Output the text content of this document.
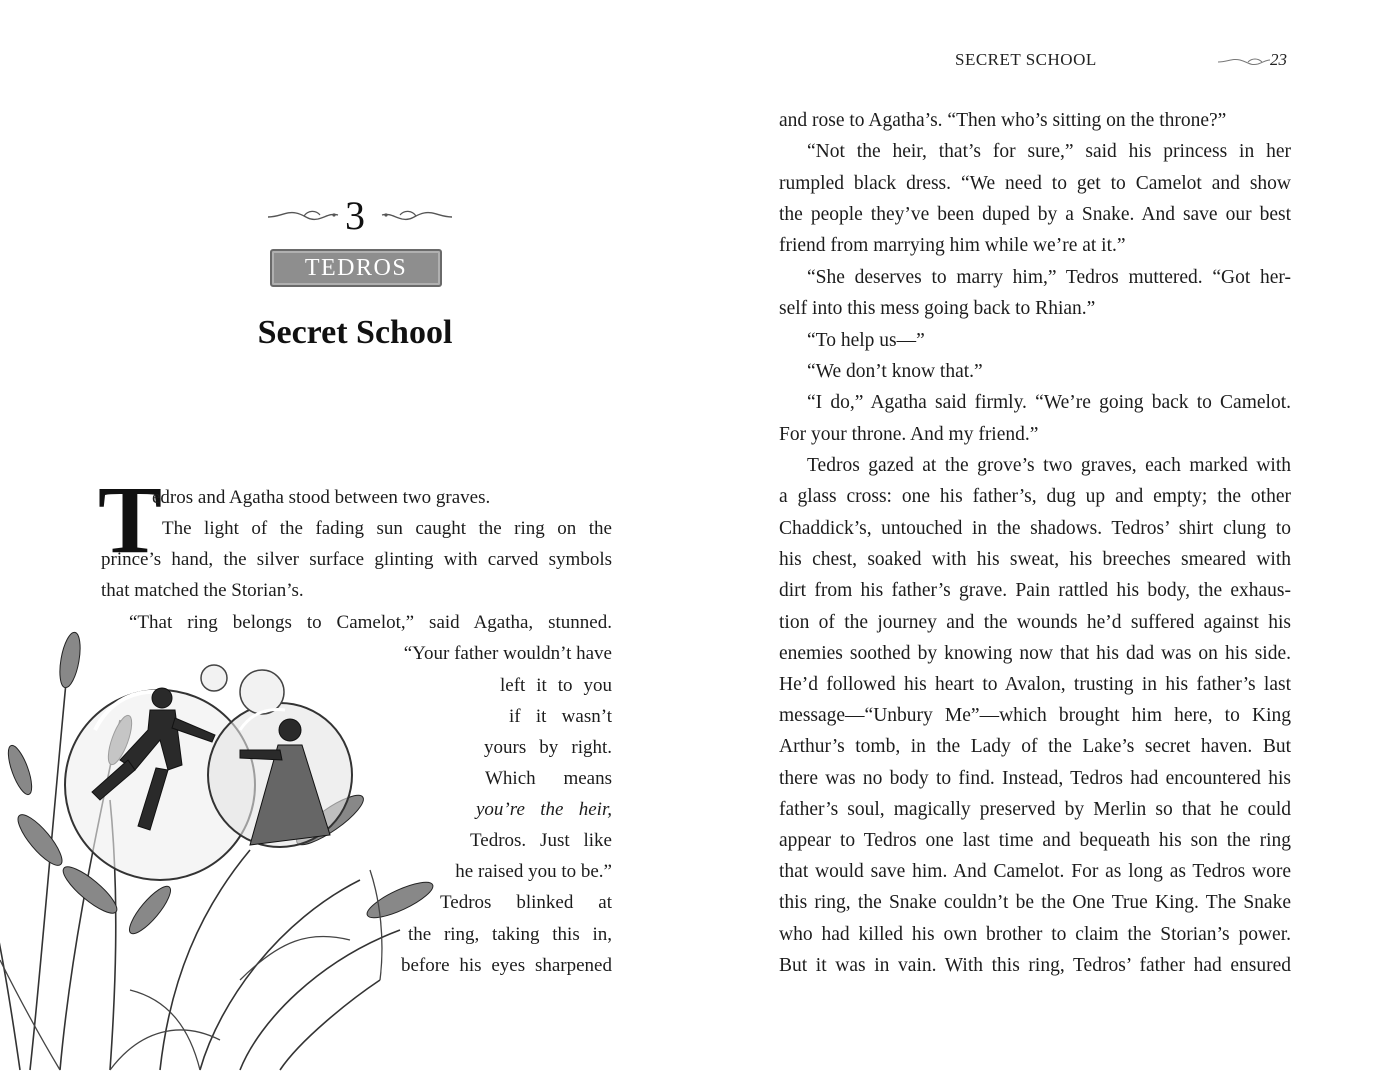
SECRET SCHOOL	23
3
TEDROS
Secret School
T
edros and Agatha stood between two graves.
The light of the fading sun caught the ring on the
prince’s hand, the silver surface glinting with carved symbols
that matched the Storian’s.
“That ring belongs to Camelot,” said Agatha, stunned.
“Your father wouldn’t have
left it to you
if it wasn’t
yours by right.
Which means
you’re the heir,
Tedros. Just like
he raised you to be.”
Tedros blinked at
the ring, taking this in,
before his eyes sharpened
and rose to Agatha’s. “Then who’s sitting on the throne?”
“Not the heir, that’s for sure,” said his princess in her
rumpled black dress. “We need to get to Camelot and show
the people they’ve been duped by a Snake. And save our best
friend from marrying him while we’re at it.”
“She deserves to marry him,” Tedros muttered. “Got her-
self into this mess going back to Rhian.”
“To help us—”
“We don’t know that.”
“I do,” Agatha said firmly. “We’re going back to Camelot.
For your throne. And my friend.”
Tedros gazed at the grove’s two graves, each marked with
a glass cross: one his father’s, dug up and empty; the other
Chaddick’s, untouched in the shadows. Tedros’ shirt clung to
his chest, soaked with his sweat, his breeches smeared with
dirt from his father’s grave. Pain rattled his body, the exhaus-
tion of the journey and the wounds he’d suffered against his
enemies soothed by knowing now that his dad was on his side.
He’d followed his heart to Avalon, trusting in his father’s last
message—“Unbury Me”—which brought him here, to King
Arthur’s tomb, in the Lady of the Lake’s secret haven. But
there was no body to find. Instead, Tedros had encountered his
father’s soul, magically preserved by Merlin so that he could
appear to Tedros one last time and bequeath his son the ring
that would save him. And Camelot. For as long as Tedros wore
this ring, the Snake couldn’t be the One True King. The Snake
who had killed his own brother to claim the Storian’s power.
But it was in vain. With this ring, Tedros’ father had ensured
